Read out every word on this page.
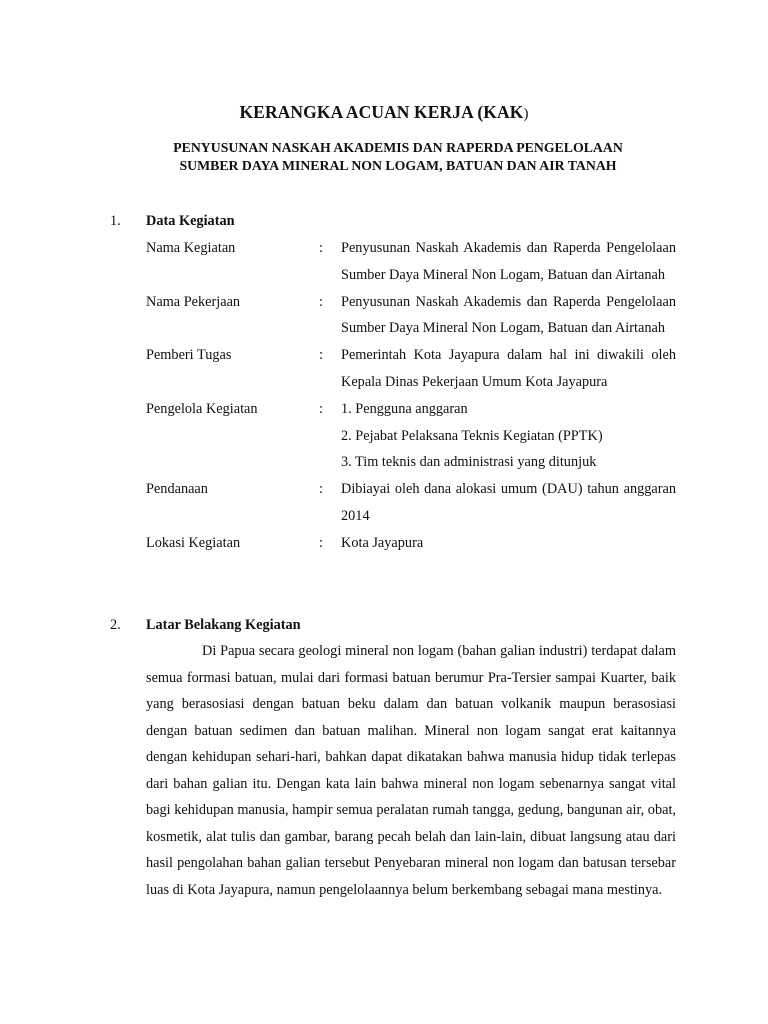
KERANGKA ACUAN KERJA (KAK)
PENYUSUNAN NASKAH AKADEMIS DAN RAPERDA PENGELOLAAN
SUMBER DAYA MINERAL NON LOGAM, BATUAN DAN AIR TANAH
1. Data Kegiatan
Nama Kegiatan	: Penyusunan Naskah Akademis dan Raperda Pengelolaan Sumber Daya Mineral Non Logam, Batuan dan Airtanah

Nama Pekerjaan	: Penyusunan Naskah Akademis dan Raperda Pengelolaan Sumber Daya Mineral Non Logam, Batuan dan Airtanah

Pemberi Tugas	: Pemerintah Kota Jayapura dalam hal ini diwakili oleh Kepala Dinas Pekerjaan Umum Kota Jayapura

Pengelola Kegiatan	: 1. Pengguna anggaran

2. Pejabat Pelaksana Teknis Kegiatan (PPTK)

3. Tim teknis dan administrasi yang ditunjuk

Pendanaan	: Dibiayai oleh dana alokasi umum (DAU) tahun anggaran 2014

Lokasi Kegiatan	: Kota Jayapura

2. Latar Belakang Kegiatan
Di Papua secara geologi mineral non logam (bahan galian industri) terdapat dalam semua formasi batuan, mulai dari formasi batuan berumur Pra-Tersier sampai Kuarter, baik yang berasosiasi dengan batuan beku dalam dan batuan volkanik maupun berasosiasi dengan batuan sedimen dan batuan malihan. Mineral non logam sangat erat kaitannya dengan kehidupan sehari-hari, bahkan dapat dikatakan bahwa manusia hidup tidak terlepas dari bahan galian itu. Dengan kata lain bahwa mineral non logam sebenarnya sangat vital bagi kehidupan manusia, hampir semua peralatan rumah tangga, gedung, bangunan air, obat, kosmetik, alat tulis dan gambar, barang pecah belah dan lain-lain, dibuat langsung atau dari hasil pengolahan bahan galian tersebut Penyebaran mineral non logam dan batusan tersebar luas di Kota Jayapura, namun pengelolaannya belum berkembang sebagai mana mestinya.
